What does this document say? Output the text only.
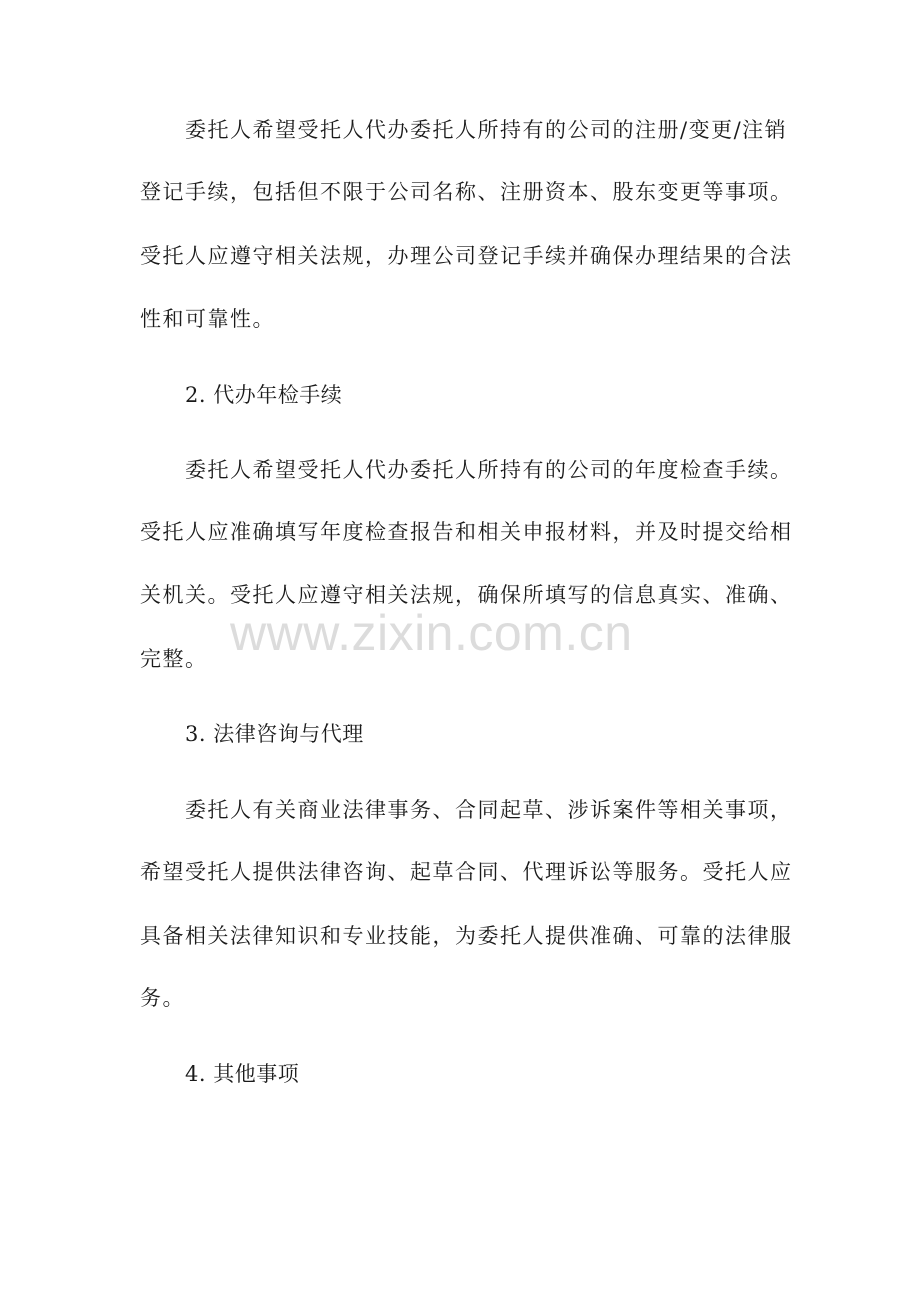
委托人希望受托人代办委托人所持有的公司的注册/变更/注销
登记手续，包括但不限于公司名称、注册资本、股东变更等事项。
受托人应遵守相关法规，办理公司登记手续并确保办理结果的合法
性和可靠性。
2. 代办年检手续
委托人希望受托人代办委托人所持有的公司的年度检查手续。
受托人应准确填写年度检查报告和相关申报材料，并及时提交给相
关机关。受托人应遵守相关法规，确保所填写的信息真实、准确、
完整。
3. 法律咨询与代理
委托人有关商业法律事务、合同起草、涉诉案件等相关事项，
希望受托人提供法律咨询、起草合同、代理诉讼等服务。受托人应
具备相关法律知识和专业技能，为委托人提供准确、可靠的法律服
务。
4. 其他事项
www.zixin.com.cn
